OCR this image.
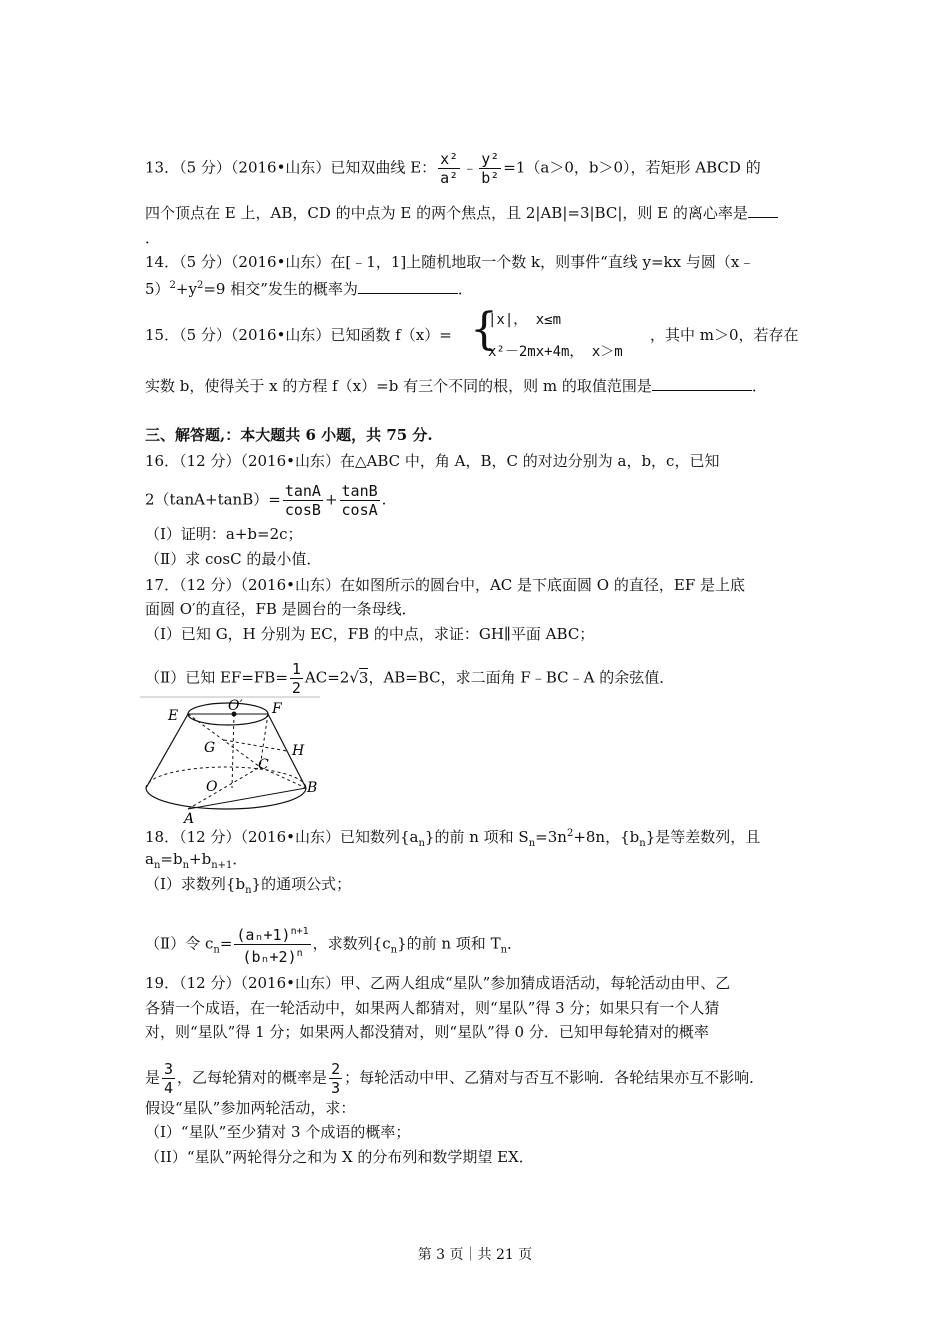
13．（5 分）（2016•山东）已知双曲线 E： $\frac{\text{x²}}{\text{a²}}$ ﹣ $\frac{\text{y²}}{\text{b²}} =1(a>0$，b＞0），若矩形 ABCD 的
四个顶点在 E 上，AB，CD 的中点为 E 的两个焦点，且 2|AB|=3|BC|，则 E 的离心率是
．
14．（5 分）（2016•山东）在[﹣1，1]上随机地取一个数 k，则事件“直线 y=kx 与圆（x﹣
$5)^2+y^2=9$ 相交”发生的概率为	．
15．（5 分）（2016•山东）已知函数 f（x）= {
|x|， x≤m
x²－2mx+4m， x＞m
，其中 m＞0，若存在
实数 b，使得关于 x 的方程 f（x）=b 有三个不同的根，则 m 的取值范围是	．
三、解答题,：本大题共 6 小题，共 75 分.
16．（12 分）（2016•山东）在△ABC 中，角 A，B，C 的对边分别为 a，b，c，已知
$2(\tan A+\tan B)= \frac{\tan A}{\cos B} + \frac{\tan B}{\cos A}$ .
（Ⅰ）证明：a+b=2c；
（Ⅱ）求 cosC 的最小值．
17．（12 分）（2016•山东）在如图所示的圆台中，AC 是下底面圆 O 的直径，EF 是上底
面圆 O′的直径，FB 是圆台的一条母线．
（I）已知 G，H 分别为 EC，FB 的中点，求证：GH∥平面 ABC；
（Ⅱ）已知 $EF=FB= \frac{1}{2} AC=2√3$，AB=BC，求二面角 F﹣BC﹣A 的余弦值．
E
O′ F
G	H
C
O	B
A
18．（12 分）（2016•山东）已知数列$\{a_n\}$的前 n 项和 $S_n=3n^2+8n$，$\{b_n\}$是等差数列，且
$a_n=b_n+b_{n+1}$．
（Ⅰ）求数列$\{b_n\}$的通项公式；
（Ⅱ）令 $c_n= \frac{(a_n+1)^{n+1}}{(b_n+2)^n}$ ，求数列$\{c_n\}$的前 n 项和 $T_n$．
19．（12 分）（2016•山东）甲、乙两人组成“星队”参加猜成语活动，每轮活动由甲、乙
各猜一个成语，在一轮活动中，如果两人都猜对，则“星队”得 3 分；如果只有一个人猜
对，则“星队”得 1 分；如果两人都没猜对，则“星队”得 0 分．已知甲每轮猜对的概率
是 $\frac{3}{4}$ ，乙每轮猜对的概率是 $\frac{2}{3}$ ；每轮活动中甲、乙猜对与否互不影响．各轮结果亦互不影响．
假设“星队”参加两轮活动，求：
（I）“星队”至少猜对 3 个成语的概率；
（II）“星队”两轮得分之和为 X 的分布列和数学期望 EX．
第 3 页｜共 21 页
